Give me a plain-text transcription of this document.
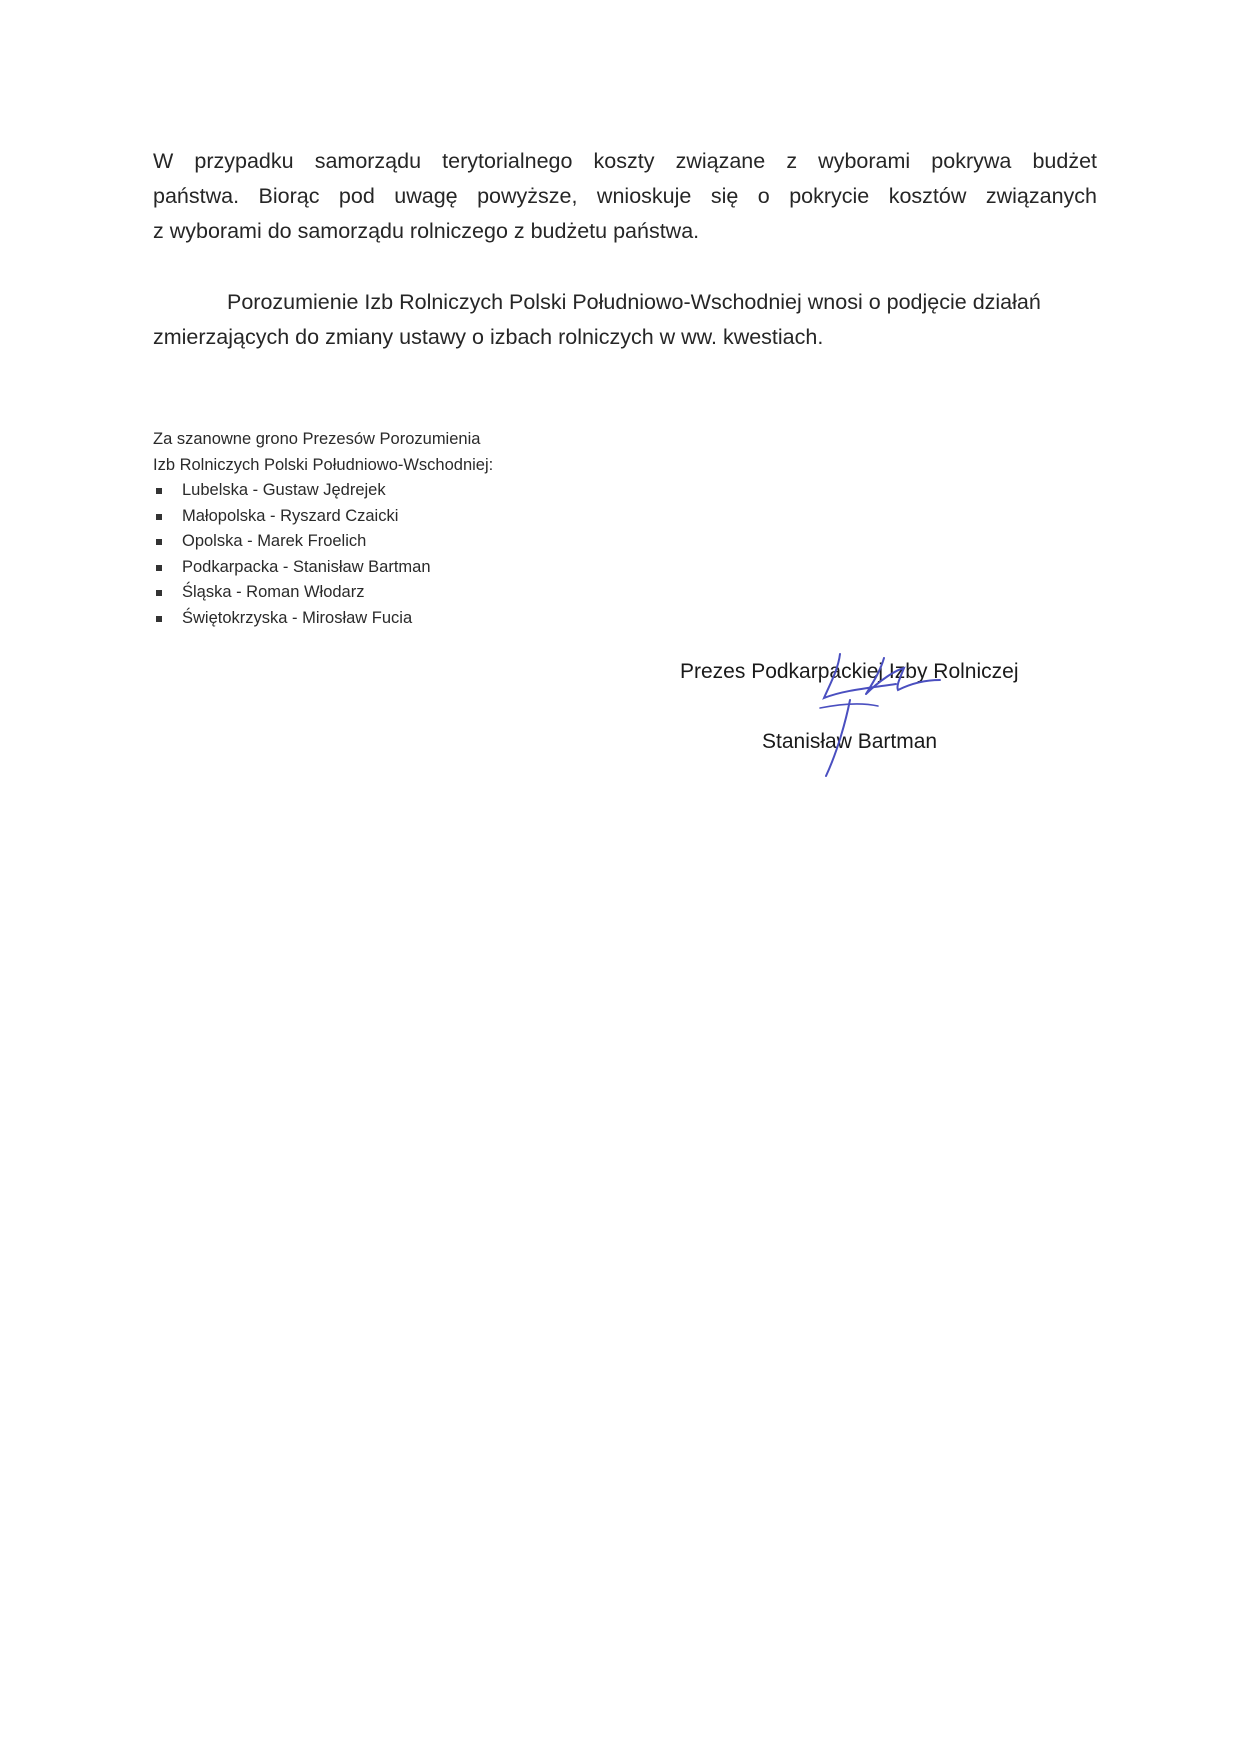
W przypadku samorządu terytorialnego koszty związane z wyborami pokrywa budżet
państwa. Biorąc pod uwagę powyższe, wnioskuje się o pokrycie kosztów związanych
z wyborami do samorządu rolniczego z budżetu państwa.
Porozumienie Izb Rolniczych Polski Południowo-Wschodniej wnosi o podjęcie działań
zmierzających do zmiany ustawy o izbach rolniczych w ww. kwestiach.
Za szanowne grono Prezesów Porozumienia
Izb Rolniczych Polski Południowo-Wschodniej:
Lubelska - Gustaw Jędrejek
Małopolska - Ryszard Czaicki
Opolska - Marek Froelich
Podkarpacka - Stanisław Bartman
Śląska - Roman Włodarz
Świętokrzyska - Mirosław Fucia
Prezes Podkarpackiej Izby Rolniczej
Stanisław Bartman
